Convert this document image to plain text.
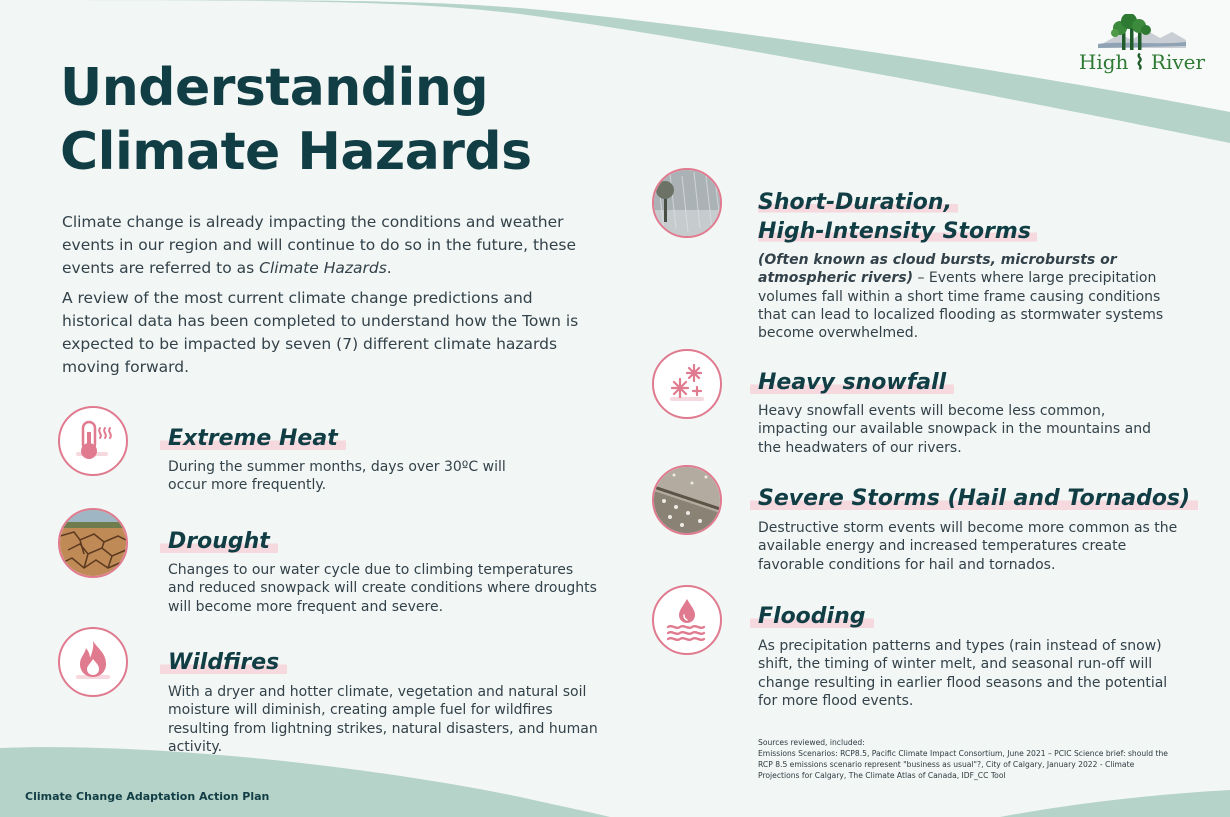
High ⌇ River
Understanding
Climate Hazards

Climate change is already impacting the conditions and weather events in our region and will continue to do so in the future, these events are referred to as Climate Hazards.

A review of the most current climate change predictions and historical data has been completed to understand how the Town is expected to be impacted by seven (7) different climate hazards moving forward.

Extreme Heat

During the summer months, days over 30ºC will occur more frequently.

Drought

Changes to our water cycle due to climbing temperatures and reduced snowpack will create conditions where droughts will become more frequent and severe.

Wildfires

With a dryer and hotter climate, vegetation and natural soil moisture will diminish, creating ample fuel for wildfires resulting from lightning strikes, natural disasters, and human activity.

Short-Duration,
High-Intensity Storms

(Often known as cloud bursts, microbursts or atmospheric rivers) – Events where large precipitation volumes fall within a short time frame causing conditions that can lead to localized flooding as stormwater systems become overwhelmed.

Heavy snowfall

Heavy snowfall events will become less common, impacting our available snowpack in the mountains and the headwaters of our rivers.

Severe Storms (Hail and Tornados)

Destructive storm events will become more common as the available energy and increased temperatures create favorable conditions for hail and tornados.

Flooding

As precipitation patterns and types (rain instead of snow) shift, the timing of winter melt, and seasonal run-off will change resulting in earlier flood seasons and the potential for more flood events.

Sources reviewed, included:
Emissions Scenarios: RCP8.5, Pacific Climate Impact Consortium, June 2021 – PCIC Science brief: should the RCP 8.5 emissions scenario represent "business as usual"?, City of Calgary, January 2022 - Climate Projections for Calgary, The Climate Atlas of Canada, IDF_CC Tool

Climate Change Adaptation Action Plan
